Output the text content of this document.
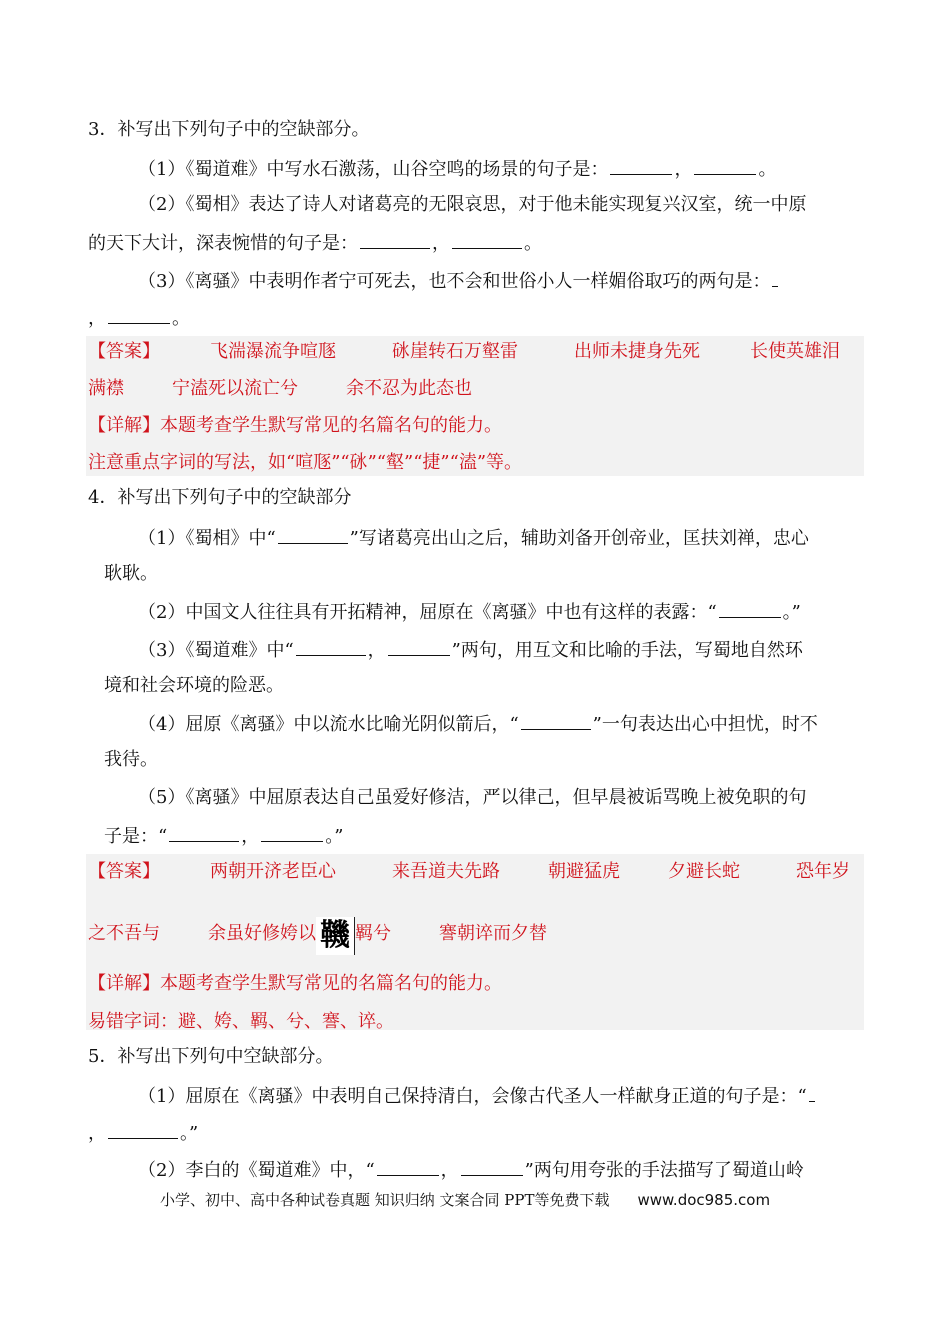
3．补写出下列句子中的空缺部分。
（1）《蜀道难》中写水石激荡，山谷空鸣的场景的句子是：	，	。
（2）《蜀相》表达了诗人对诸葛亮的无限哀思，对于他未能实现复兴汉室，统一中原
的天下大计，深表惋惜的句子是：	，	。
（3）《离骚》中表明作者宁可死去，也不会和世俗小人一样媚俗取巧的两句是：
，	。
【答案】	飞湍瀑流争喧豗	砯崖转石万壑雷	出师未捷身先死	长使英雄泪
满襟	宁溘死以流亡兮	余不忍为此态也
【详解】本题考查学生默写常见的名篇名句的能力。
注意重点字词的写法，如“喧豗”“砯”“壑”“捷”“溘”等。
4．补写出下列句子中的空缺部分
（1）《蜀相》中“	”写诸葛亮出山之后，辅助刘备开创帝业，匡扶刘禅，忠心
耿耿。
（2）中国文人往往具有开拓精神，屈原在《离骚》中也有这样的表露：“	。”
（3）《蜀道难》中“	，	”两句，用互文和比喻的手法，写蜀地自然环
境和社会环境的险恶。
（4）屈原《离骚》中以流水比喻光阴似箭后，“	”一句表达出心中担忧，时不
我待。
（5）《离骚》中屈原表达自己虽爱好修洁，严以律己，但早晨被诟骂晚上被免职的句
子是：“	，	。”
【答案】	两朝开济老臣心	来吾道夫先路	朝避猛虎	夕避长蛇	恐年岁
之不吾与	余虽好修姱以 鞿 羁兮	謇朝谇而夕替
【详解】本题考查学生默写常见的名篇名句的能力。
易错字词：避、姱、羁、兮、謇、谇。
5．补写出下列句中空缺部分。
（1）屈原在《离骚》中表明自己保持清白，会像古代圣人一样献身正道的句子是：“
，	。”
（2）李白的《蜀道难》中，“	，	”两句用夸张的手法描写了蜀道山岭
小学、初中、高中各种试卷真题 知识归纳 文案合同 PPT等免费下载 www.doc985.com
